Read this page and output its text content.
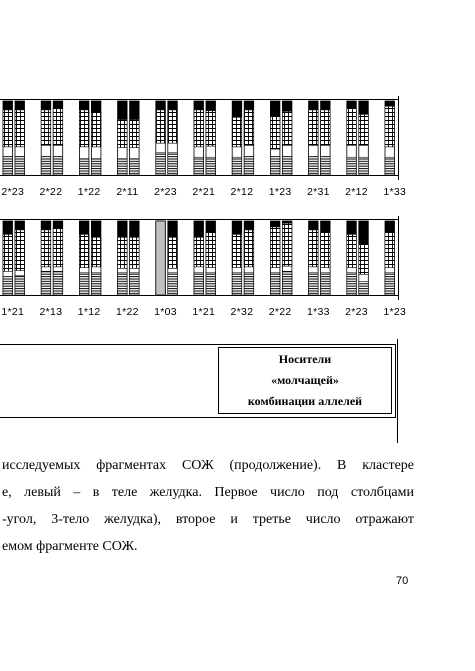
2*23 2*22 1*22 2*11 2*23 2*21 2*12 1*23 2*31 2*12 1*33
1*21 2*13 1*12 1*22 1*03 1*21 2*32 2*22 1*33 2*23 1*23
Носители
«молчащей»
комбинации аллелей
исследуемых фрагментах СОЖ (продолжение). В кластере
е, левый – в теле желудка. Первое число под столбцами
-угол, 3-тело желудка), второе и третье число отражают
емом фрагменте СОЖ.
70
